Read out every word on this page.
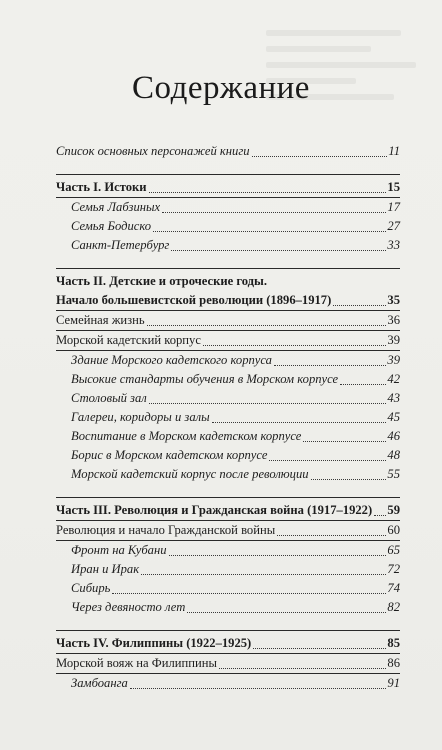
Содержание
Список основных персонажей книги	11
Часть I. Истоки	15
Семья Лабзиных	17
Семья Бодиско	27
Санкт-Петербург	33
Часть II. Детские и отроческие годы.
Начало большевистской революции (1896–1917)	35
Семейная жизнь	36
Морской кадетский корпус	39
Здание Морского кадетского корпуса	39
Высокие стандарты обучения в Морском корпусе	42
Столовый зал	43
Галереи, коридоры и залы	45
Воспитание в Морском кадетском корпусе	46
Борис в Морском кадетском корпусе	48
Морской кадетский корпус после революции	55
Часть III. Революция и Гражданская война (1917–1922) 59
Революция и начало Гражданской войны	60
Фронт на Кубани	65
Иран и Ирак	72
Сибирь	74
Через девяносто лет	82
Часть IV. Филиппины (1922–1925)	85
Морской вояж на Филиппины	86
Замбоанга	91
